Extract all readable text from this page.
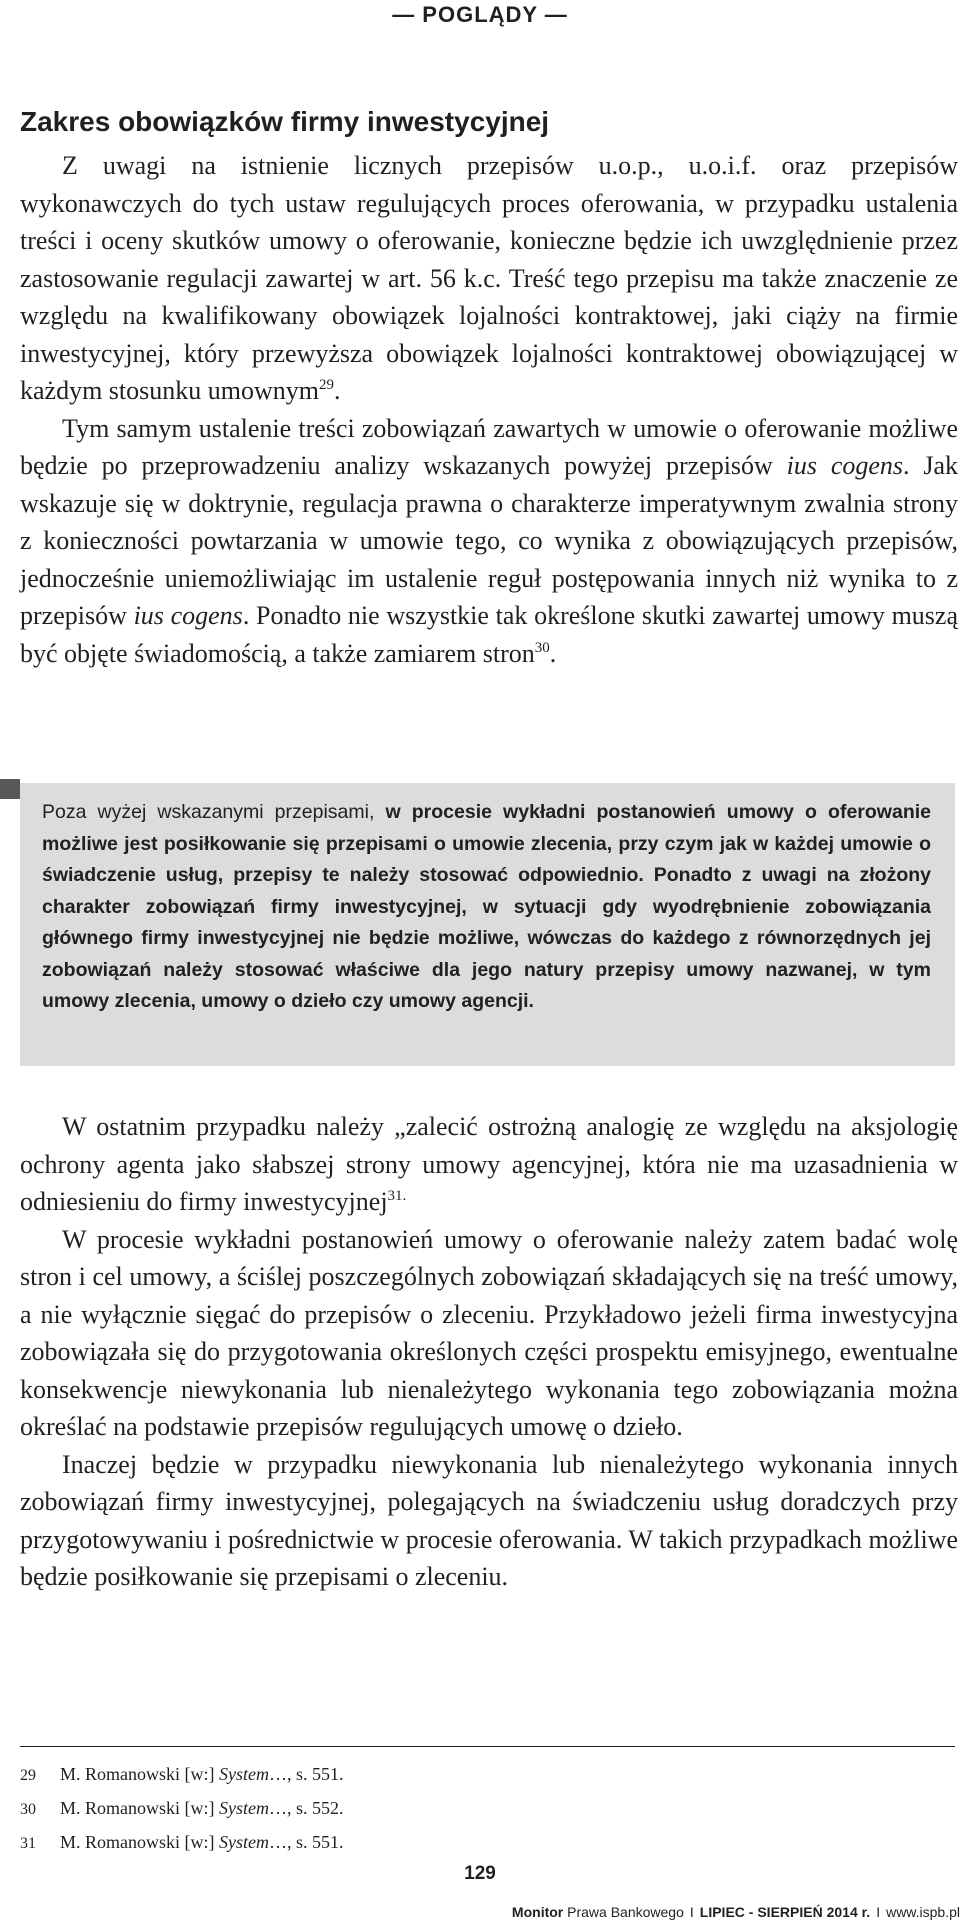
— POGLĄDY —
Zakres obowiązków firmy inwestycyjnej

Z uwagi na istnienie licznych przepisów u.o.p., u.o.i.f. oraz przepisów wykonawczych do tych ustaw regulujących proces oferowania, w przypadku ustalenia treści i oceny skutków umowy o oferowanie, konieczne będzie ich uwzględnienie przez zastosowanie regulacji zawartej w art. 56 k.c. Treść tego przepisu ma także znaczenie ze względu na kwalifikowany obowiązek lojalności kontraktowej, jaki ciąży na firmie inwestycyjnej, który przewyższa obowiązek lojalności kontraktowej obowiązującej w każdym stosunku umownym$^{29}$.

Tym samym ustalenie treści zobowiązań zawartych w umowie o oferowanie możliwe będzie po przeprowadzeniu analizy wskazanych powyżej przepisów ius cogens. Jak wskazuje się w doktrynie, regulacja prawna o charakterze imperatywnym zwalnia strony z konieczności powtarzania w umowie tego, co wynika z obowiązujących przepisów, jednocześnie uniemożliwiając im ustalenie reguł postępowania innych niż wynika to z przepisów ius cogens. Ponadto nie wszystkie tak określone skutki zawartej umowy muszą być objęte świadomością, a także zamiarem stron$^{30}$.

Poza wyżej wskazanymi przepisami, w procesie wykładni postanowień umowy o oferowanie możliwe jest posiłkowanie się przepisami o umowie zlecenia, przy czym jak w każdej umowie o świadczenie usług, przepisy te należy stosować odpowiednio. Ponadto z uwagi na złożony charakter zobowiązań firmy inwestycyjnej, w sytuacji gdy wyodrębnienie zobowiązania głównego firmy inwestycyjnej nie będzie możliwe, wówczas do każdego z równorzędnych jej zobowiązań należy stosować właściwe dla jego natury przepisy umowy nazwanej, w tym umowy zlecenia, umowy o dzieło czy umowy agencji.

W ostatnim przypadku należy „zalecić ostrożną analogię ze względu na aksjologię ochrony agenta jako słabszej strony umowy agencyjnej, która nie ma uzasadnienia w odniesieniu do firmy inwestycyjnej$^{31.}$

W procesie wykładni postanowień umowy o oferowanie należy zatem badać wolę stron i cel umowy, a ściślej poszczególnych zobowiązań składających się na treść umowy, a nie wyłącznie sięgać do przepisów o zleceniu. Przykładowo jeżeli firma inwestycyjna zobowiązała się do przygotowania określonych części prospektu emisyjnego, ewentualne konsekwencje niewykonania lub nienależytego wykonania tego zobowiązania można określać na podstawie przepisów regulujących umowę o dzieło.

Inaczej będzie w przypadku niewykonania lub nienależytego wykonania innych zobowiązań firmy inwestycyjnej, polegających na świadczeniu usług doradczych przy przygotowywaniu i pośrednictwie w procesie oferowania. W takich przypadkach możliwe będzie posiłkowanie się przepisami o zleceniu.

29 M. Romanowski [w:] System…, s. 551.
30 M. Romanowski [w:] System…, s. 552.
31 M. Romanowski [w:] System…, s. 551.
129
Monitor Prawa Bankowego I LIPIEC - SIERPIEŃ 2014 r. I www.ispb.pl
